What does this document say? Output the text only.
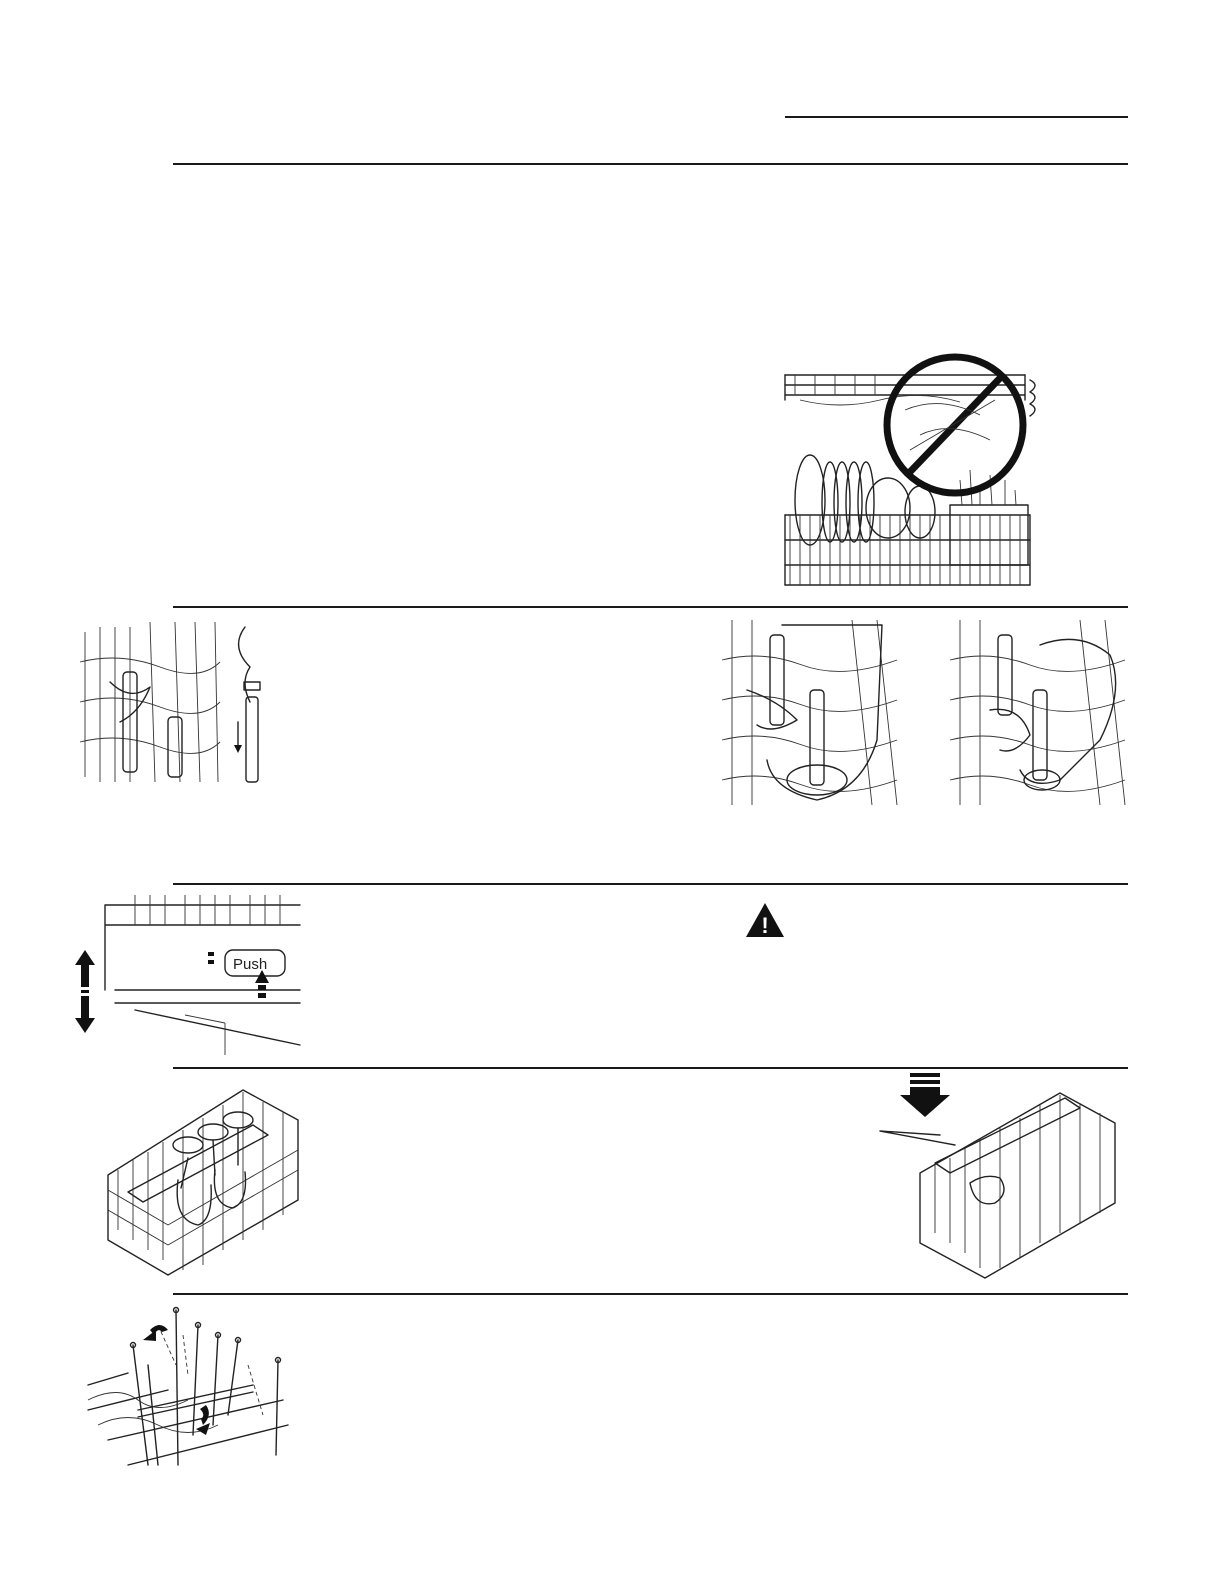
Push
!
